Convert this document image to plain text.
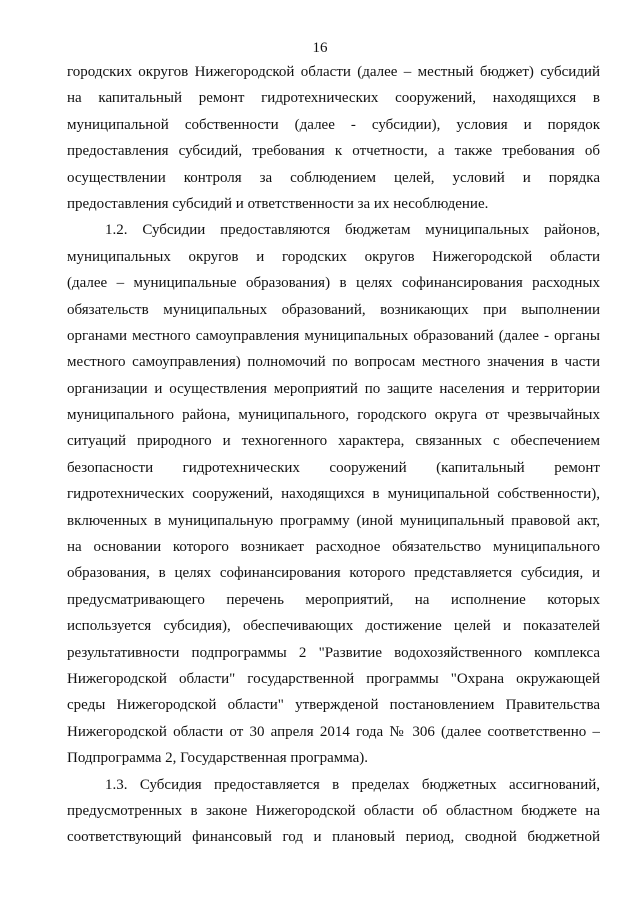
16

городских округов Нижегородской области (далее – местный бюджет) субсидий

на капитальный ремонт гидротехнических сооружений, находящихся в

муниципальной собственности (далее - субсидии), условия и порядок

предоставления субсидий, требования к отчетности, а также требования об

осуществлении контроля за соблюдением целей, условий и порядка

предоставления субсидий и ответственности за их несоблюдение.

1.2. Субсидии предоставляются бюджетам муниципальных районов,

муниципальных округов и городских округов Нижегородской области

(далее – муниципальные образования) в целях софинансирования расходных

обязательств муниципальных образований, возникающих при выполнении

органами местного самоуправления муниципальных образований (далее - органы

местного самоуправления) полномочий по вопросам местного значения в части

организации и осуществления мероприятий по защите населения и территории

муниципального района, муниципального, городского округа от чрезвычайных

ситуаций природного и техногенного характера, связанных с обеспечением

безопасности гидротехнических сооружений (капитальный ремонт

гидротехнических сооружений, находящихся в муниципальной собственности),

включенных в муниципальную программу (иной муниципальный правовой акт,

на основании которого возникает расходное обязательство муниципального

образования, в целях софинансирования которого представляется субсидия, и

предусматривающего перечень мероприятий, на исполнение которых

используется субсидия), обеспечивающих достижение целей и показателей

результативности подпрограммы 2 "Развитие водохозяйственного комплекса

Нижегородской области" государственной программы "Охрана окружающей

среды Нижегородской области" утвержденой постановлением Правительства

Нижегородской области от 30 апреля 2014 года № 306 (далее соответственно –

Подпрограмма 2, Государственная программа).

1.3. Субсидия предоставляется в пределах бюджетных ассигнований,

предусмотренных в законе Нижегородской области об областном бюджете на

соответствующий финансовый год и плановый период, сводной бюджетной
